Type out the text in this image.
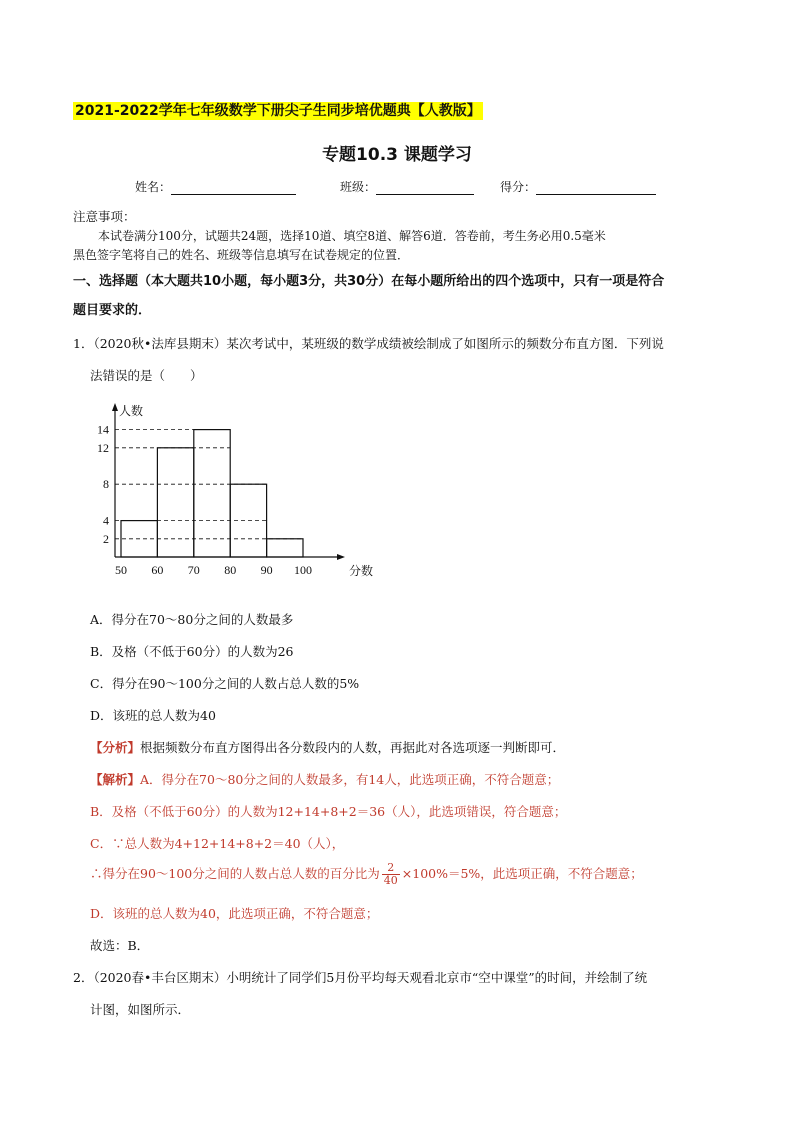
2021-2022学年七年级数学下册尖子生同步培优题典【人教版】
专题10.3 课题学习
姓名：	班级：	得分：
注意事项：
本试卷满分100分，试题共24题，选择10道、填空8道、解答6道．答卷前，考生务必用0.5毫米
黑色签字笔将自己的姓名、班级等信息填写在试卷规定的位置．
一、选择题（本大题共10小题，每小题3分，共30分）在每小题所给出的四个选项中，只有一项是符合
题目要求的．
1．（2020秋•法库县期末）某次考试中，某班级的数学成绩被绘制成了如图所示的频数分布直方图．下列说
法错误的是（　　）
50 60 70 80 90 100
2
4
8
12
14
人数
分数
A．得分在70～80分之间的人数最多
B．及格（不低于60分）的人数为26
C．得分在90～100分之间的人数占总人数的5%
D．该班的总人数为40
【分析】根据频数分布直方图得出各分数段内的人数，再据此对各选项逐一判断即可．
【解析】A．得分在70～80分之间的人数最多，有14人，此选项正确，不符合题意；
B．及格（不低于60分）的人数为12+14+8+2＝36（人），此选项错误，符合题意；
C．∵总人数为4+12+14+8+2＝40（人），
∴得分在90～100分之间的人数占总人数的百分比为 $\frac{2}{40} \times 100\%=5\%$，此选项正确，不符合题意；
D．该班的总人数为40，此选项正确，不符合题意；
故选：B．
2．（2020春•丰台区期末）小明统计了同学们5月份平均每天观看北京市“空中课堂”的时间，并绘制了统
计图，如图所示．
